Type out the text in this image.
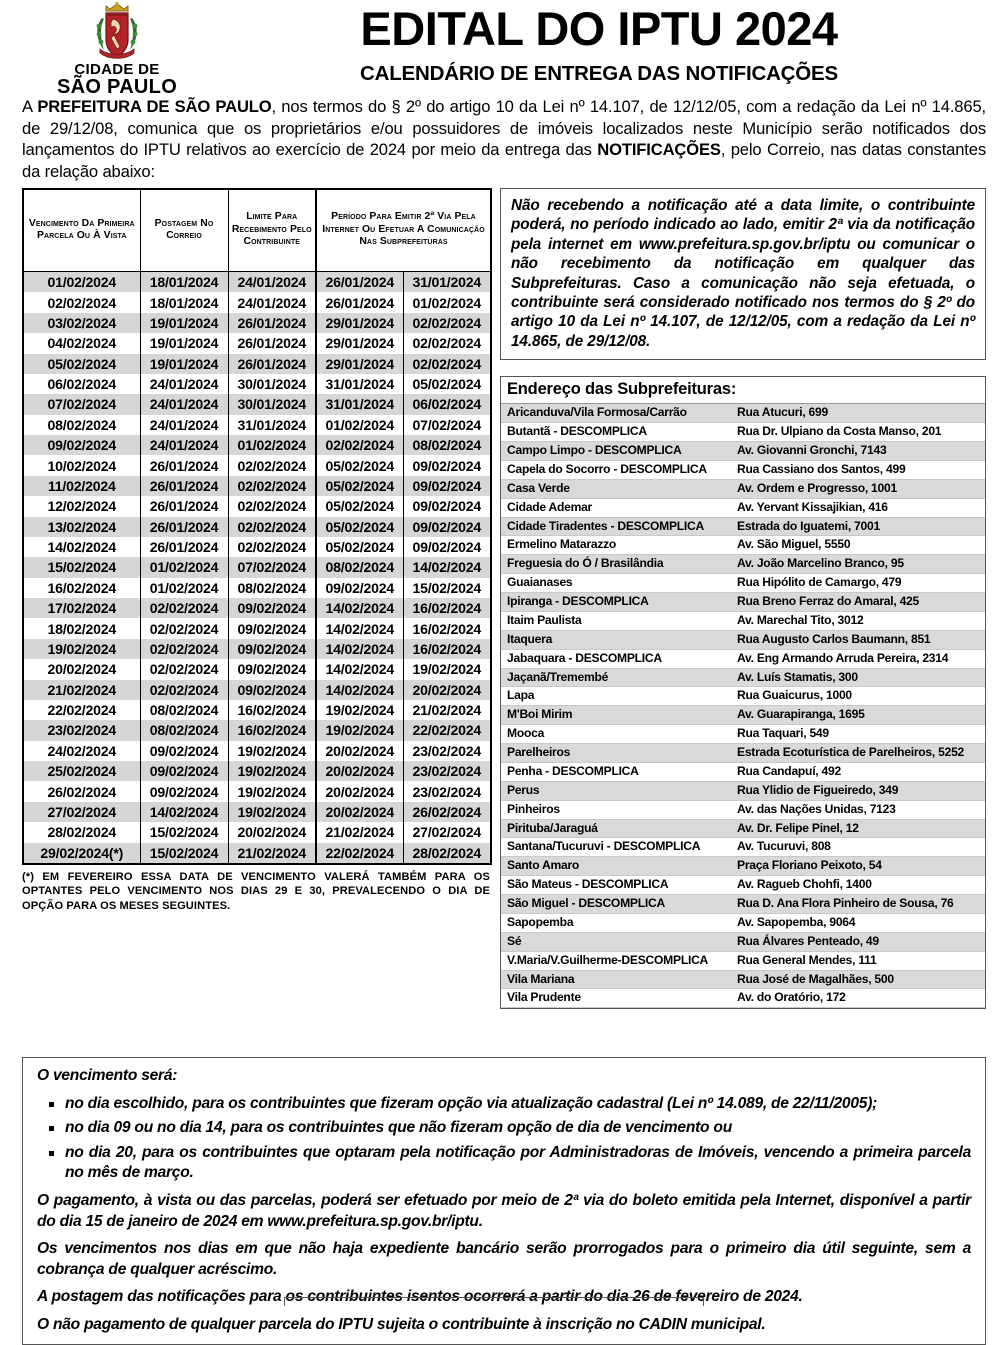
CIDADE DE
SÃO PAULO
EDITAL DO IPTU 2024
CALENDÁRIO DE ENTREGA DAS NOTIFICAÇÕES
A PREFEITURA DE SÃO PAULO, nos termos do § 2º do artigo 10 da Lei nº 14.107, de 12/12/05, com a redação da Lei nº 14.865, de 29/12/08, comunica que os proprietários e/ou possuidores de imóveis localizados neste Município serão notificados dos lançamentos do IPTU relativos ao exercício de 2024 por meio da entrega das NOTIFICAÇÕES, pelo Correio, nas datas constantes da relação abaixo:
Vencimento Da Primeira Parcela Ou À Vista	Postagem No Correio	Limite Para Recebimento Pelo Contribuinte	Período Para Emitir 2ª Via Pela Internet Ou Efetuar A Comunicação Nas Subprefeituras	
01/02/2024	18/01/2024	24/01/2024	26/01/2024	31/01/2024
02/02/2024	18/01/2024	24/01/2024	26/01/2024	01/02/2024
03/02/2024	19/01/2024	26/01/2024	29/01/2024	02/02/2024
04/02/2024	19/01/2024	26/01/2024	29/01/2024	02/02/2024
05/02/2024	19/01/2024	26/01/2024	29/01/2024	02/02/2024
06/02/2024	24/01/2024	30/01/2024	31/01/2024	05/02/2024
07/02/2024	24/01/2024	30/01/2024	31/01/2024	06/02/2024
08/02/2024	24/01/2024	31/01/2024	01/02/2024	07/02/2024
09/02/2024	24/01/2024	01/02/2024	02/02/2024	08/02/2024
10/02/2024	26/01/2024	02/02/2024	05/02/2024	09/02/2024
11/02/2024	26/01/2024	02/02/2024	05/02/2024	09/02/2024
12/02/2024	26/01/2024	02/02/2024	05/02/2024	09/02/2024
13/02/2024	26/01/2024	02/02/2024	05/02/2024	09/02/2024
14/02/2024	26/01/2024	02/02/2024	05/02/2024	09/02/2024
15/02/2024	01/02/2024	07/02/2024	08/02/2024	14/02/2024
16/02/2024	01/02/2024	08/02/2024	09/02/2024	15/02/2024
17/02/2024	02/02/2024	09/02/2024	14/02/2024	16/02/2024
18/02/2024	02/02/2024	09/02/2024	14/02/2024	16/02/2024
19/02/2024	02/02/2024	09/02/2024	14/02/2024	16/02/2024
20/02/2024	02/02/2024	09/02/2024	14/02/2024	19/02/2024
21/02/2024	02/02/2024	09/02/2024	14/02/2024	20/02/2024
22/02/2024	08/02/2024	16/02/2024	19/02/2024	21/02/2024
23/02/2024	08/02/2024	16/02/2024	19/02/2024	22/02/2024
24/02/2024	09/02/2024	19/02/2024	20/02/2024	23/02/2024
25/02/2024	09/02/2024	19/02/2024	20/02/2024	23/02/2024
26/02/2024	09/02/2024	19/02/2024	20/02/2024	23/02/2024
27/02/2024	14/02/2024	19/02/2024	20/02/2024	26/02/2024
28/02/2024	15/02/2024	20/02/2024	21/02/2024	27/02/2024
29/02/2024(*)	15/02/2024	21/02/2024	22/02/2024	28/02/2024
(*) EM FEVEREIRO ESSA DATA DE VENCIMENTO VALERÁ TAMBÉM PARA OS OPTANTES PELO VENCIMENTO NOS DIAS 29 E 30, PREVALECENDO O DIA DE OPÇÃO PARA OS MESES SEGUINTES.
Não recebendo a notificação até a data limite, o contribuinte poderá, no período indicado ao lado, emitir 2ª via da notificação pela internet em www.prefeitura.sp.gov.br/iptu ou comunicar o não recebimento da notificação em qualquer das Subprefeituras. Caso a comunicação não seja efetuada, o contribuinte será considerado notificado nos termos do § 2º do artigo 10 da Lei nº 14.107, de 12/12/05, com a redação da Lei nº 14.865, de 29/12/08.
Endereço das Subprefeituras:
Aricanduva/Vila Formosa/Carrão	Rua Atucuri, 699
Butantã - DESCOMPLICA	Rua Dr. Ulpiano da Costa Manso, 201
Campo Limpo - DESCOMPLICA	Av. Giovanni Gronchi, 7143
Capela do Socorro - DESCOMPLICA	Rua Cassiano dos Santos, 499
Casa Verde	Av. Ordem e Progresso, 1001
Cidade Ademar	Av. Yervant Kissajikian, 416
Cidade Tiradentes - DESCOMPLICA	Estrada do Iguatemi, 7001
Ermelino Matarazzo	Av. São Miguel, 5550
Freguesia do Ó / Brasilândia	Av. João Marcelino Branco, 95
Guaianases	Rua Hipólito de Camargo, 479
Ipiranga - DESCOMPLICA	Rua Breno Ferraz do Amaral, 425
Itaim Paulista	Av. Marechal Tito, 3012
Itaquera	Rua Augusto Carlos Baumann, 851
Jabaquara - DESCOMPLICA	Av. Eng Armando Arruda Pereira, 2314
Jaçanã/Tremembé	Av. Luís Stamatis, 300
Lapa	Rua Guaicurus, 1000
M'Boi Mirim	Av. Guarapiranga, 1695
Mooca	Rua Taquari, 549
Parelheiros	Estrada Ecoturística de Parelheiros, 5252
Penha - DESCOMPLICA	Rua Candapuí, 492
Perus	Rua Ylidio de Figueiredo, 349
Pinheiros	Av. das Nações Unidas, 7123
Pirituba/Jaraguá	Av. Dr. Felipe Pinel, 12
Santana/Tucuruvi - DESCOMPLICA	Av. Tucuruvi, 808
Santo Amaro	Praça Floriano Peixoto, 54
São Mateus - DESCOMPLICA	Av. Ragueb Chohfi, 1400
São Miguel - DESCOMPLICA	Rua D. Ana Flora Pinheiro de Sousa, 76
Sapopemba	Av. Sapopemba, 9064
Sé	Rua Álvares Penteado, 49
V.Maria/V.Guilherme-DESCOMPLICA	Rua General Mendes, 111
Vila Mariana	Rua José de Magalhães, 500
Vila Prudente	Av. do Oratório, 172

O vencimento será:

no dia escolhido, para os contribuintes que fizeram opção via atualização cadastral (Lei nº 14.089, de 22/11/2005);
no dia 09 ou no dia 14, para os contribuintes que não fizeram opção de dia de vencimento ou
no dia 20, para os contribuintes que optaram pela notificação por Administradoras de Imóveis, vencendo a primeira parcela no mês de março.

O pagamento, à vista ou das parcelas, poderá ser efetuado por meio de 2ª via do boleto emitida pela Internet, disponível a partir do dia 15 de janeiro de 2024 em www.prefeitura.sp.gov.br/iptu.

Os vencimentos nos dias em que não haja expediente bancário serão prorrogados para o primeiro dia útil seguinte, sem a cobrança de qualquer acréscimo.

A postagem das notificações para os contribuintes isentos ocorrerá a partir do dia 26 de fevereiro de 2024.

O não pagamento de qualquer parcela do IPTU sujeita o contribuinte à inscrição no CADIN municipal.
